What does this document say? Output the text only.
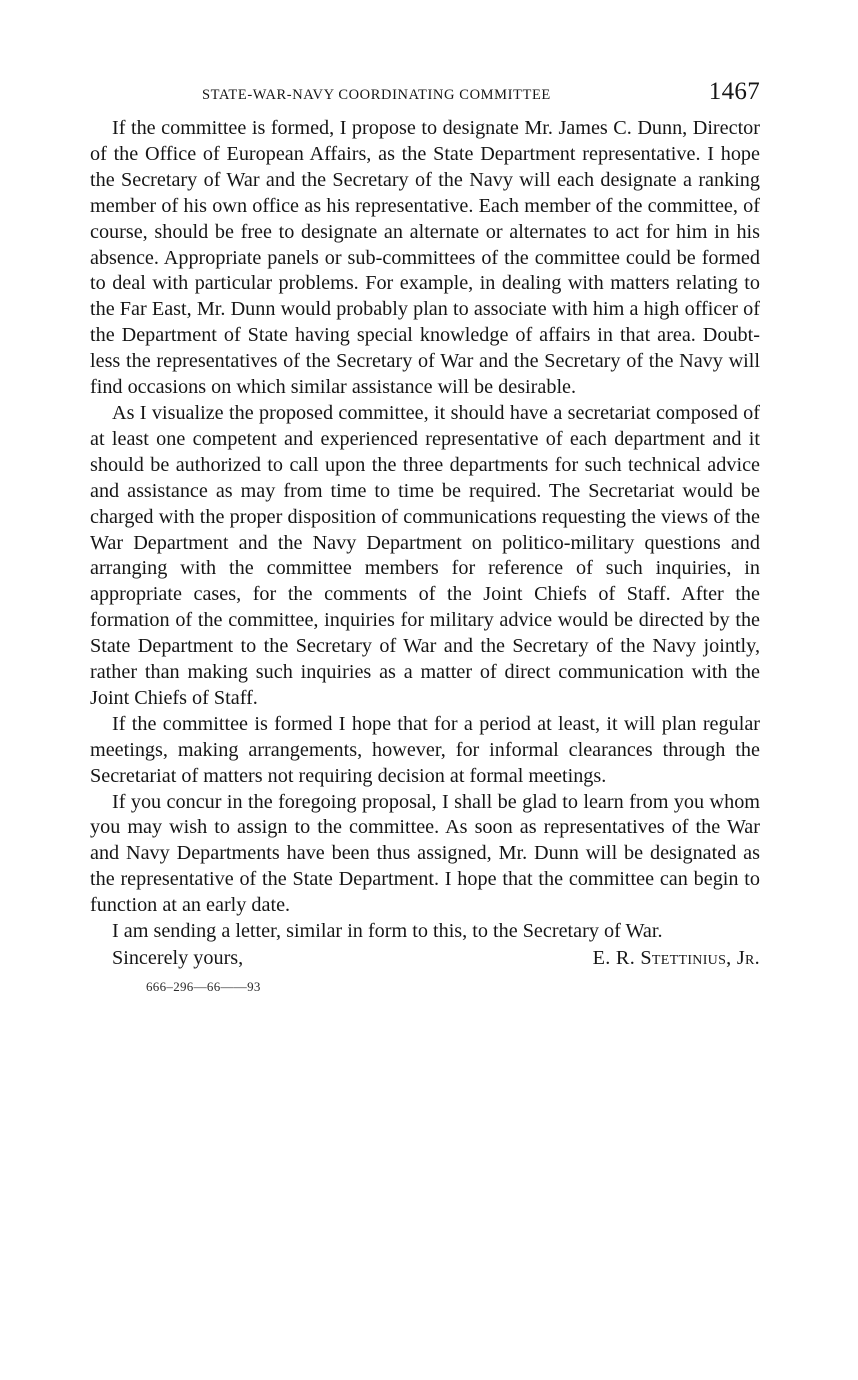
STATE-WAR-NAVY COORDINATING COMMITTEE	1467

If the committee is formed, I propose to designate Mr. James C. Dunn, Director of the Office of European Affairs, as the State Department representative. I hope the Secretary of War and the Secretary of the Navy will each designate a ranking member of his own office as his representative. Each member of the committee, of course, should be free to designate an alternate or alternates to act for him in his absence. Appropriate panels or sub-committees of the committee could be formed to deal with particular problems. For example, in dealing with matters relating to the Far East, Mr. Dunn would probably plan to associate with him a high officer of the Department of State having special knowledge of affairs in that area. Doubtless the representatives of the Secretary of War and the Secretary of the Navy will find occasions on which similar assistance will be desirable.

As I visualize the proposed committee, it should have a secretariat composed of at least one competent and experienced representative of each department and it should be authorized to call upon the three departments for such technical advice and assistance as may from time to time be required. The Secretariat would be charged with the proper disposition of communications requesting the views of the War Department and the Navy Department on politico-military questions and arranging with the committee members for reference of such inquiries, in appropriate cases, for the comments of the Joint Chiefs of Staff. After the formation of the committee, inquiries for military advice would be directed by the State Department to the Secretary of War and the Secretary of the Navy jointly, rather than making such inquiries as a matter of direct communication with the Joint Chiefs of Staff.

If the committee is formed I hope that for a period at least, it will plan regular meetings, making arrangements, however, for informal clearances through the Secretariat of matters not requiring decision at formal meetings.

If you concur in the foregoing proposal, I shall be glad to learn from you whom you may wish to assign to the committee. As soon as representatives of the War and Navy Departments have been thus assigned, Mr. Dunn will be designated as the representative of the State Department. I hope that the committee can begin to function at an early date.

I am sending a letter, similar in form to this, to the Secretary of War.

Sincerely yours,	E. R. Stettinius, Jr.
666–296—66——93
